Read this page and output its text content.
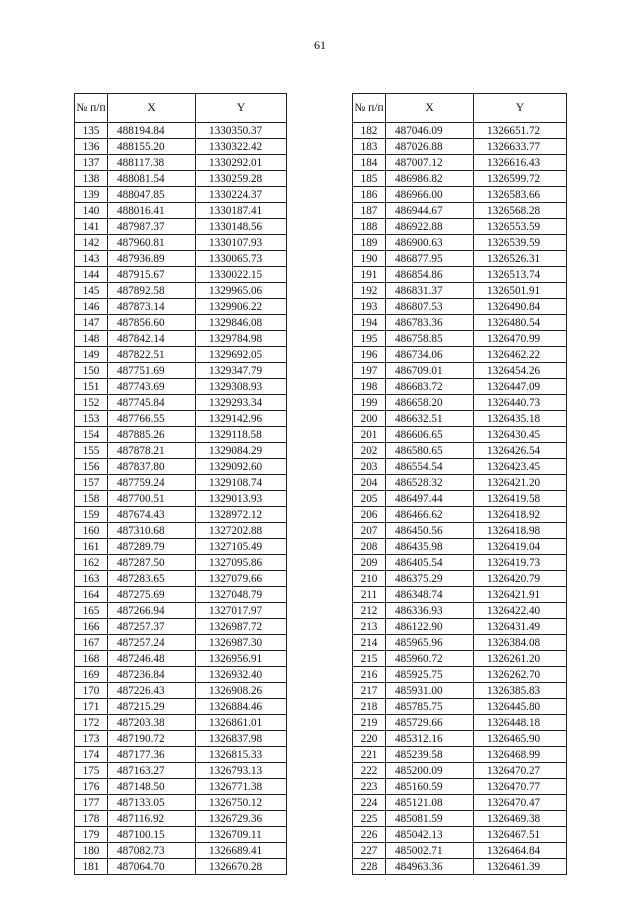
61
№ п/п	X	Y
135	488194.84	1330350.37
136	488155.20	1330322.42
137	488117.38	1330292.01
138	488081.54	1330259.28
139	488047.85	1330224.37
140	488016.41	1330187.41
141	487987.37	1330148.56
142	487960.81	1330107.93
143	487936.89	1330065.73
144	487915.67	1330022.15
145	487892.58	1329965.06
146	487873.14	1329906.22
147	487856.60	1329846.08
148	487842.14	1329784.98
149	487822.51	1329692.05
150	487751.69	1329347.79
151	487743.69	1329308.93
152	487745.84	1329293.34
153	487766.55	1329142.96
154	487885.26	1329118.58
155	487878.21	1329084.29
156	487837.80	1329092.60
157	487759.24	1329108.74
158	487700.51	1329013.93
159	487674.43	1328972.12
160	487310.68	1327202.88
161	487289.79	1327105.49
162	487287.50	1327095.86
163	487283.65	1327079.66
164	487275.69	1327048.79
165	487266.94	1327017.97
166	487257.37	1326987.72
167	487257.24	1326987.30
168	487246.48	1326956.91
169	487236.84	1326932.40
170	487226.43	1326908.26
171	487215.29	1326884.46
172	487203.38	1326861.01
173	487190.72	1326837.98
174	487177.36	1326815.33
175	487163.27	1326793.13
176	487148.50	1326771.38
177	487133.05	1326750.12
178	487116.92	1326729.36
179	487100.15	1326709.11
180	487082.73	1326689.41
181	487064.70	1326670.28
№ п/п	X	Y
182	487046.09	1326651.72
183	487026.88	1326633.77
184	487007.12	1326616.43
185	486986.82	1326599.72
186	486966.00	1326583.66
187	486944.67	1326568.28
188	486922.88	1326553.59
189	486900.63	1326539.59
190	486877.95	1326526.31
191	486854.86	1326513.74
192	486831.37	1326501.91
193	486807.53	1326490.84
194	486783.36	1326480.54
195	486758.85	1326470.99
196	486734.06	1326462.22
197	486709.01	1326454.26
198	486683.72	1326447.09
199	486658.20	1326440.73
200	486632.51	1326435.18
201	486606.65	1326430.45
202	486580.65	1326426.54
203	486554.54	1326423.45
204	486528.32	1326421.20
205	486497.44	1326419.58
206	486466.62	1326418.92
207	486450.56	1326418.98
208	486435.98	1326419.04
209	486405.54	1326419.73
210	486375.29	1326420.79
211	486348.74	1326421.91
212	486336.93	1326422.40
213	486122.90	1326431.49
214	485965.96	1326384.08
215	485960.72	1326261.20
216	485925.75	1326262.70
217	485931.00	1326385.83
218	485785.75	1326445.80
219	485729.66	1326448.18
220	485312.16	1326465.90
221	485239.58	1326468.99
222	485200.09	1326470.27
223	485160.59	1326470.77
224	485121.08	1326470.47
225	485081.59	1326469.38
226	485042.13	1326467.51
227	485002.71	1326464.84
228	484963.36	1326461.39
